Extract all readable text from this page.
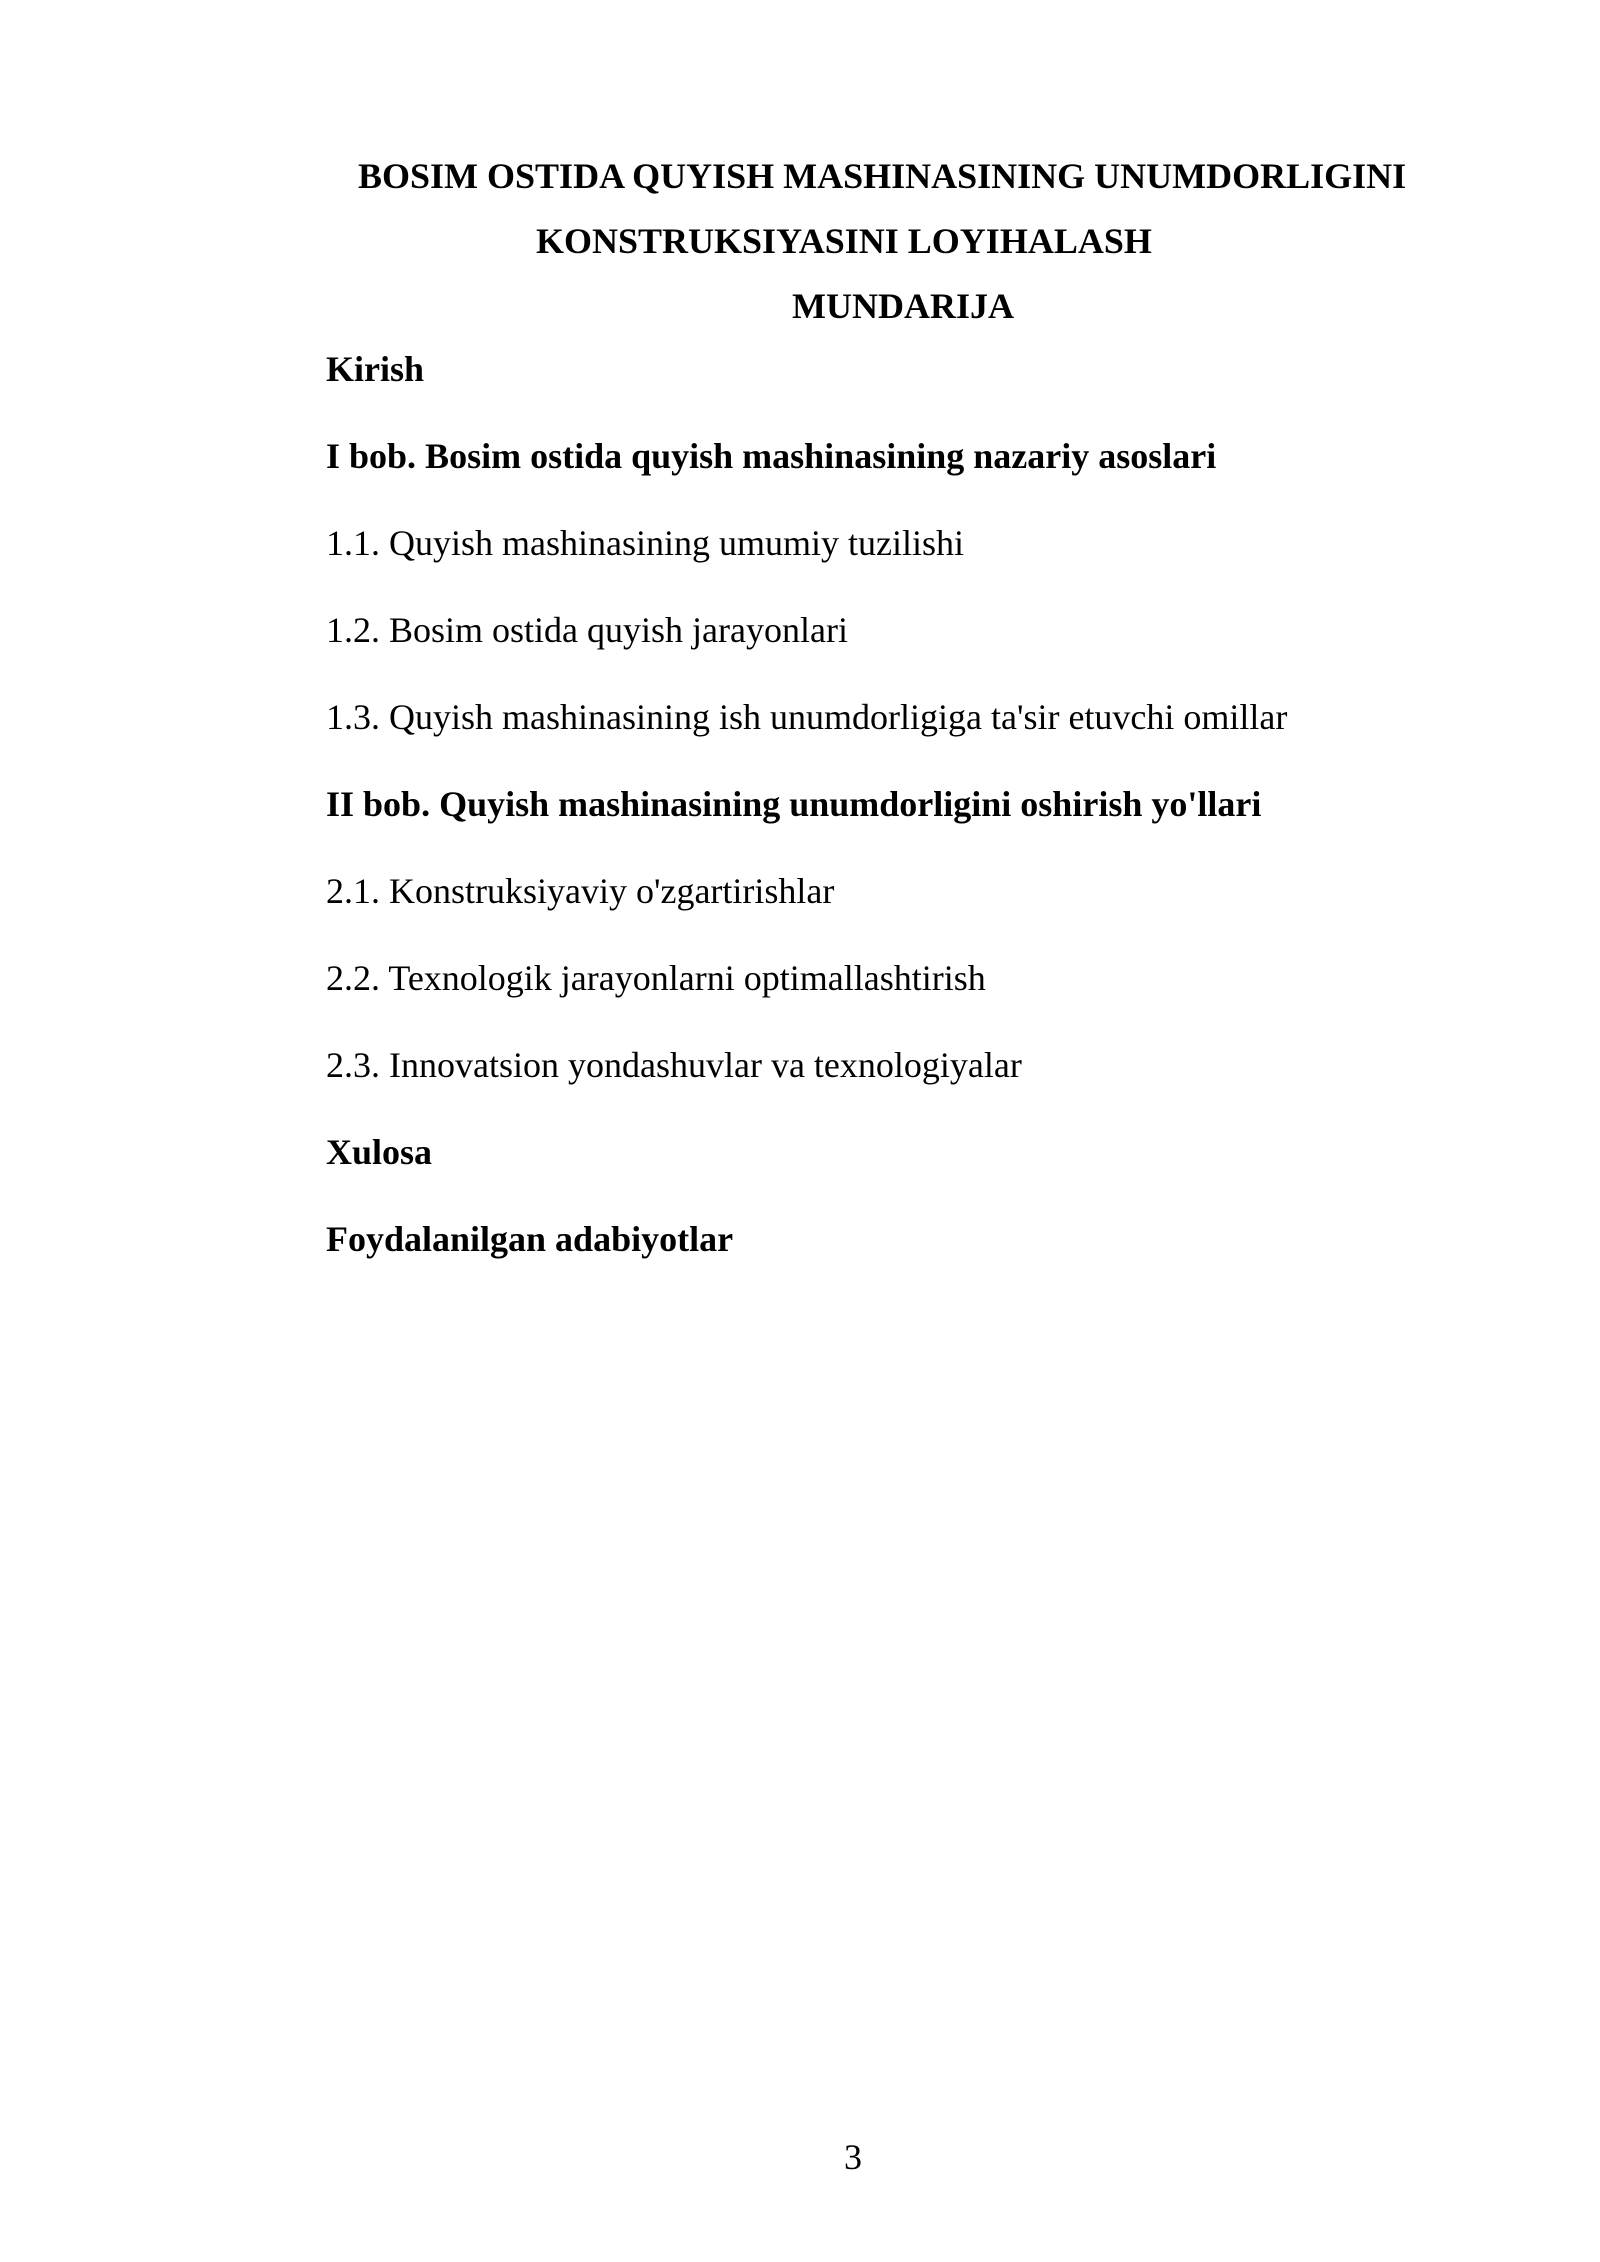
BOSIM OSTIDA QUYISH MASHINASINING UNUMDORLIGINI
KONSTRUKSIYASINI LOYIHALASH
MUNDARIJA
Kirish
I bob. Bosim ostida quyish mashinasining nazariy asoslari
1.1. Quyish mashinasining umumiy tuzilishi
1.2. Bosim ostida quyish jarayonlari
1.3. Quyish mashinasining ish unumdorligiga ta'sir etuvchi omillar
II bob. Quyish mashinasining unumdorligini oshirish yo'llari
2.1. Konstruksiyaviy o'zgartirishlar
2.2. Texnologik jarayonlarni optimallashtirish
2.3. Innovatsion yondashuvlar va texnologiyalar
Xulosa
Foydalanilgan adabiyotlar
3
